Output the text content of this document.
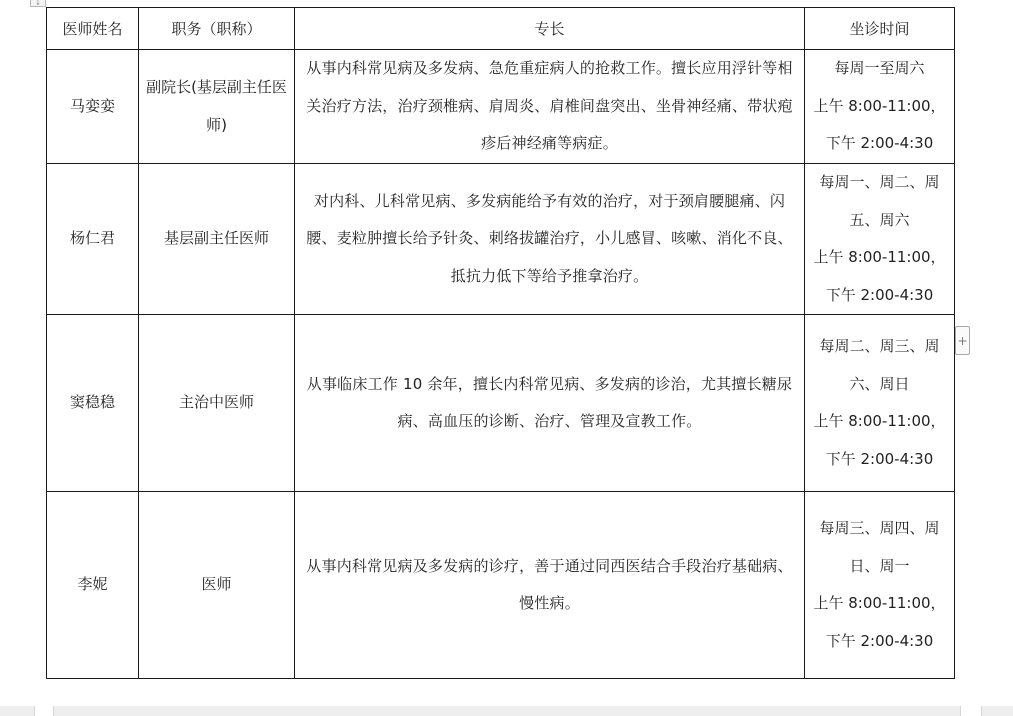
↓
医师姓名	职务（职称）	专长	坐诊时间
马娈娈	副院长(基层副主任医师)	从事内科常见病及多发病、急危重症病人的抢救工作。擅长应用浮针等相关治疗方法，治疗颈椎病、肩周炎、肩椎间盘突出、坐骨神经痛、带状疱疹后神经痛等病症。	每周一至周六
上午 8:00-11:00，
下午 2:00-4:30

杨仁君	基层副主任医师	对内科、儿科常见病、多发病能给予有效的治疗，对于颈肩腰腿痛、闪腰、麦粒肿擅长给予针灸、刺络拔罐治疗，小儿感冒、咳嗽、消化不良、抵抗力低下等给予推拿治疗。	每周一、周二、周五、周六
上午 8:00-11:00，
下午 2:00-4:30

窦稳稳	主治中医师	从事临床工作 10 余年，擅长内科常见病、多发病的诊治，尤其擅长糖尿病、高血压的诊断、治疗、管理及宣教工作。	每周二、周三、周六、周日
上午 8:00-11:00，
下午 2:00-4:30

李妮	医师	从事内科常见病及多发病的诊疗，善于通过同西医结合手段治疗基础病、慢性病。	每周三、周四、周日、周一
上午 8:00-11:00，
下午 2:00-4:30
+
